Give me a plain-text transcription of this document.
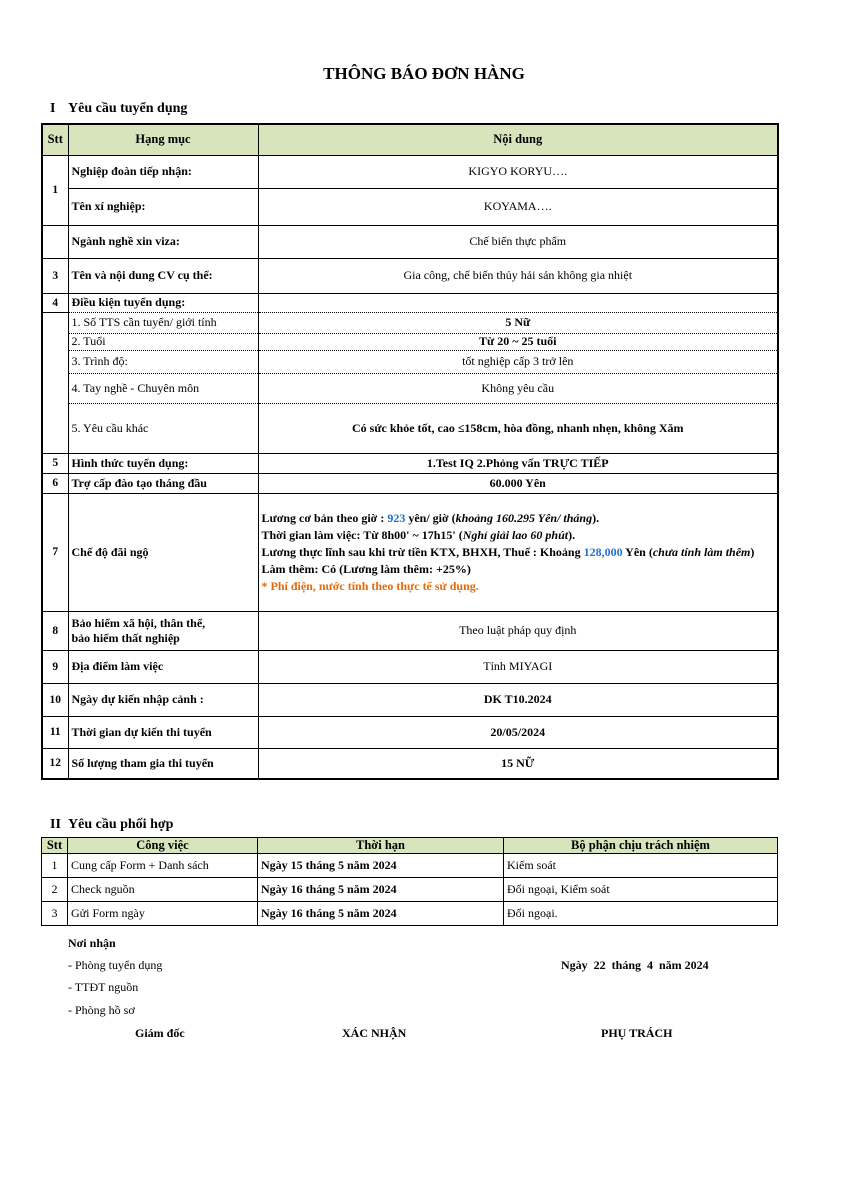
THÔNG BÁO ĐƠN HÀNG
I Yêu cầu tuyển dụng
Stt	Hạng mục	Nội dung
1	Nghiệp đoàn tiếp nhận:	KIGYO KORYU….
	Tên xí nghiệp:	KOYAMA….
	Ngành nghề xin viza:	Chế biến thực phẩm
3	Tên và nội dung CV cụ thể:	Gia công, chế biến thủy hải sản không gia nhiệt
4	Điều kiện tuyển dụng:	
	1. Số TTS cần tuyển/ giới tính	5 Nữ
	2. Tuổi	Từ 20 ~ 25 tuổi
	3. Trình độ:	tốt nghiệp cấp 3 trở lên
	4. Tay nghề - Chuyên môn	Không yêu cầu
	5. Yêu cầu khác	Có sức khỏe tốt, cao ≤158cm, hòa đồng, nhanh nhẹn, không Xăm
5	Hình thức tuyển dụng:	1.Test IQ 2.Phỏng vấn TRỰC TIẾP
6	Trợ cấp đào tạo tháng đầu	60.000 Yên
7	Chế độ đãi ngộ	Lương cơ bản theo giờ : 923 yên/ giờ (khoảng 160.295 Yên/ tháng).
Thời gian làm việc: Từ 8h00' ~ 17h15' (Nghỉ giải lao 60 phút).
Lương thực lĩnh sau khi trừ tiền KTX, BHXH, Thuế : Khoảng 128,000 Yên (chưa tính làm thêm)
Làm thêm: Có (Lương làm thêm: +25%)
* Phí điện, nước tính theo thực tế sử dụng.

8	Bảo hiểm xã hội, thân thể,
bảo hiểm thất nghiệp	Theo luật pháp quy định
9	Địa điểm làm việc	Tỉnh MIYAGI
10	Ngày dự kiến nhập cảnh :	DK T10.2024
11	Thời gian dự kiến thi tuyển	20/05/2024
12	Số lượng tham gia thi tuyển	15 NỮ
II Yêu cầu phối hợp
Stt	Công việc	Thời hạn	Bộ phận chịu trách nhiệm
1	Cung cấp Form + Danh sách	Ngày 15 tháng 5 năm 2024	Kiểm soát
2	Check nguồn	Ngày 16 tháng 5 năm 2024	Đối ngoại, Kiểm soát
3	Gửi Form ngày	Ngày 16 tháng 5 năm 2024	Đối ngoại.
Nơi nhận
- Phòng tuyển dụng
- TTĐT nguồn
- Phòng hồ sơ
Ngày  22  tháng  4  năm 2024
Giám đốc	XÁC NHẬN	PHỤ TRÁCH
